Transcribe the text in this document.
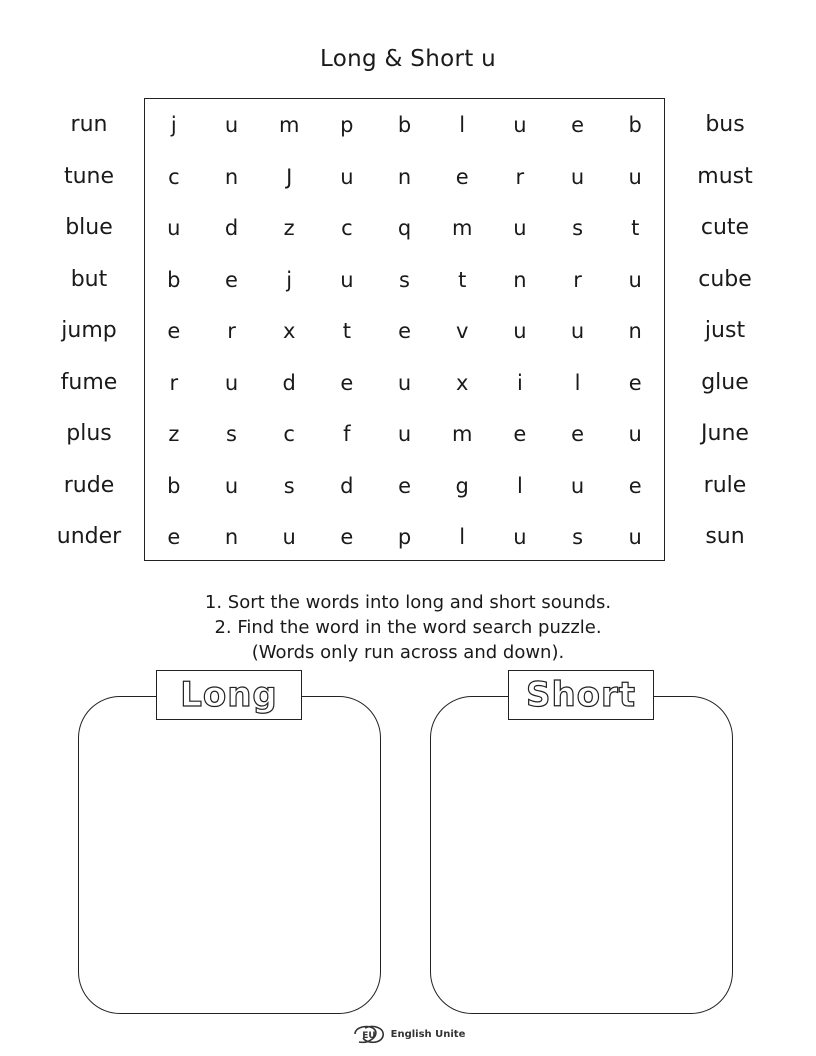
Long & Short u
run
tune
blue
but
jump
fume
plus
rude
under
j	u	m	p	b	l	u	e	b
c	n	J	u	n	e	r	u	u
u	d	z	c	q	m	u	s	t
b	e	j	u	s	t	n	r	u
e	r	x	t	e	v	u	u	n
r	u	d	e	u	x	i	l	e
z	s	c	f	u	m	e	e	u
b	u	s	d	e	g	l	u	e
e	n	u	e	p	l	u	s	u
bus
must
cute
cube
just
glue
June
rule
sun
1. Sort the words into long and short sounds.
2. Find the word in the word search puzzle.
(Words only run across and down).
Long	Short
EU English Unite
